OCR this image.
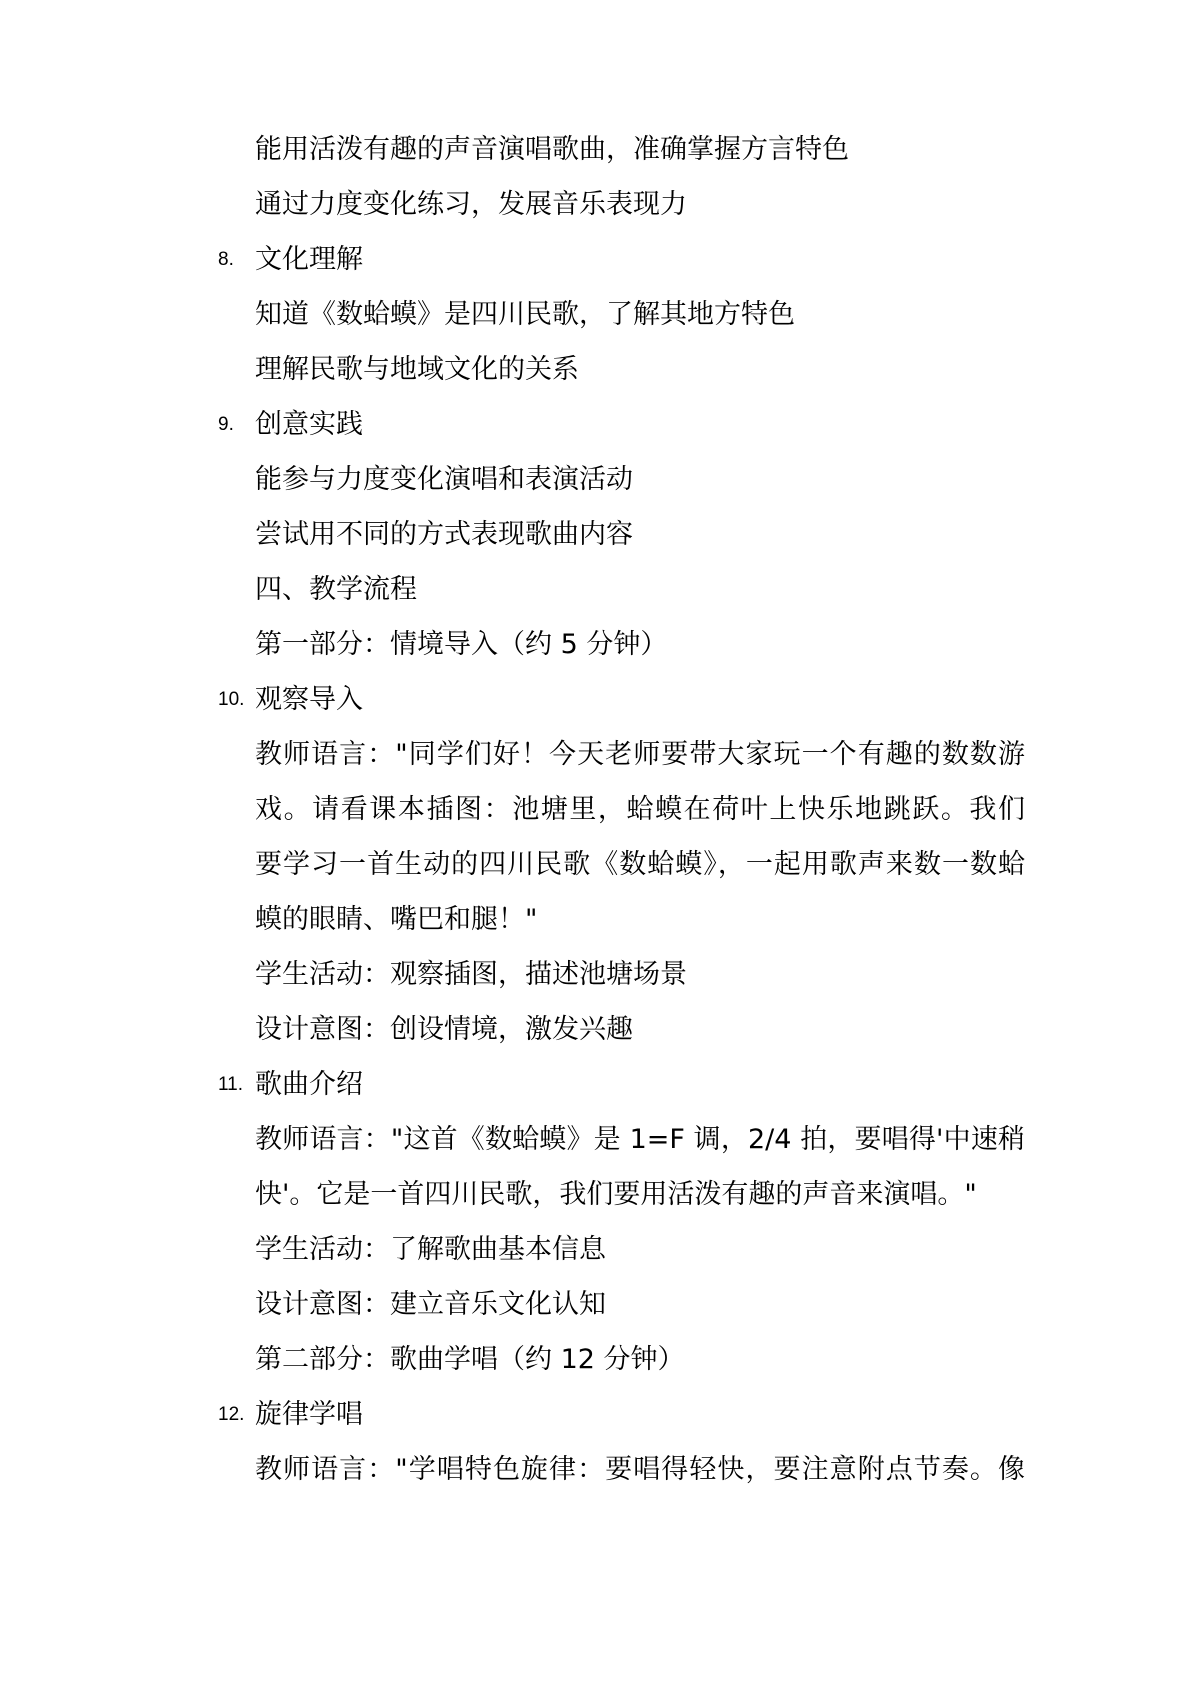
能用活泼有趣的声音演唱歌曲，准确掌握方言特色
通过力度变化练习，发展音乐表现力
8. 文化理解
知道《数蛤蟆》是四川民歌，了解其地方特色
理解民歌与地域文化的关系
9. 创意实践
能参与力度变化演唱和表演活动
尝试用不同的方式表现歌曲内容
四、教学流程
第一部分：情境导入（约 5 分钟）
10. 观察导入
教师语言："同学们好！今天老师要带大家玩一个有趣的数数游
戏。请看课本插图：池塘里，蛤蟆在荷叶上快乐地跳跃。我们
要学习一首生动的四川民歌《数蛤蟆》，一起用歌声来数一数蛤
蟆的眼睛、嘴巴和腿！"
学生活动：观察插图，描述池塘场景
设计意图：创设情境，激发兴趣
11. 歌曲介绍
教师语言："这首《数蛤蟆》是 1=F 调，2/4 拍，要唱得'中速稍
快'。它是一首四川民歌，我们要用活泼有趣的声音来演唱。"
学生活动：了解歌曲基本信息
设计意图：建立音乐文化认知
第二部分：歌曲学唱（约 12 分钟）
12. 旋律学唱
教师语言："学唱特色旋律：要唱得轻快，要注意附点节奏。像
